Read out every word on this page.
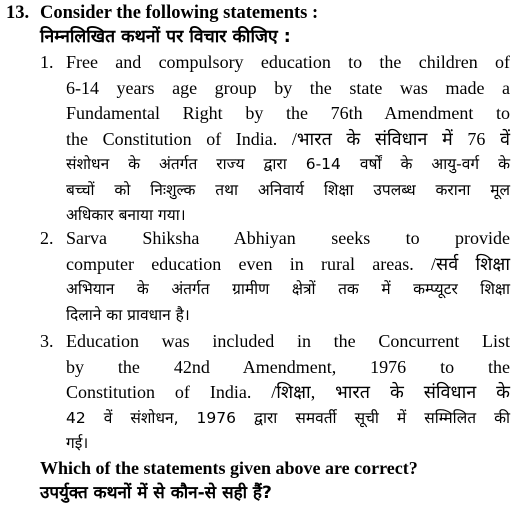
13. Consider the following statements :
निम्नलिखित कथनों पर विचार कीजिए :
1. Free and compulsory education to the children of
6-14 years age group by the state was made a
Fundamental Right by the 76th Amendment to
the Constitution of India. /भारत के संविधान में 76 वें
संशोधन के अंतर्गत राज्य द्वारा 6-14 वर्षों के आयु-वर्ग के
बच्चों को निःशुल्क तथा अनिवार्य शिक्षा उपलब्ध कराना मूल
अधिकार बनाया गया।
2. Sarva Shiksha Abhiyan seeks to provide
computer education even in rural areas. /सर्व शिक्षा
अभियान के अंतर्गत ग्रामीण क्षेत्रों तक में कम्प्यूटर शिक्षा
दिलाने का प्रावधान है।
3. Education was included in the Concurrent List
by the 42nd Amendment, 1976 to the
Constitution of India. /शिक्षा, भारत के संविधान के
42 वें संशोधन, 1976 द्वारा समवर्ती सूची में सम्मिलित की
गई।
Which of the statements given above are correct?
उपर्युक्त कथनों में से कौन-से सही हैं?
